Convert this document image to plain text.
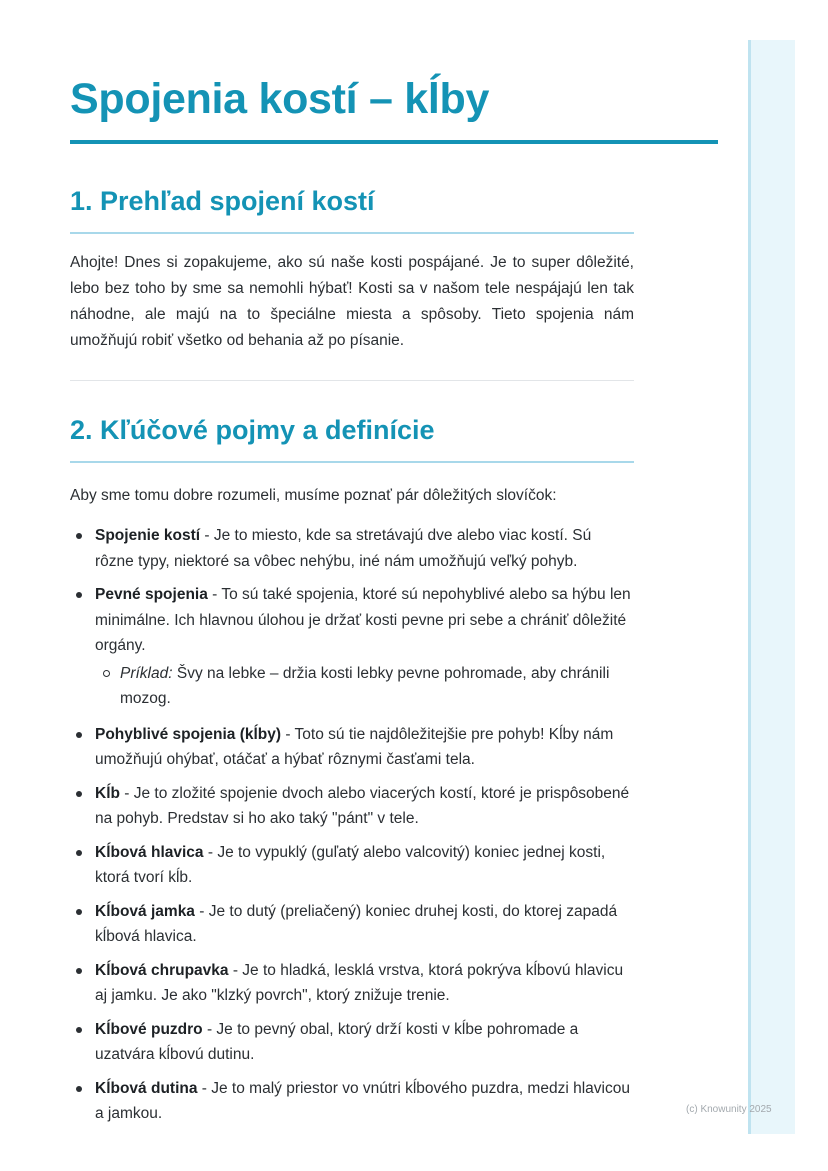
Spojenia kostí – kĺby
1. Prehľad spojení kostí

Ahojte! Dnes si zopakujeme, ako sú naše kosti pospájané. Je to super dôležité, lebo bez toho by sme sa nemohli hýbať! Kosti sa v našom tele nespájajú len tak náhodne, ale majú na to špeciálne miesta a spôsoby. Tieto spojenia nám umožňujú robiť všetko od behania až po písanie.

2. Kľúčové pojmy a definície

Aby sme tomu dobre rozumeli, musíme poznať pár dôležitých slovíčok:

Spojenie kostí - Je to miesto, kde sa stretávajú dve alebo viac kostí. Sú rôzne typy, niektoré sa vôbec nehýbu, iné nám umožňujú veľký pohyb.
Pevné spojenia - To sú také spojenia, ktoré sú nepohyblivé alebo sa hýbu len minimálne. Ich hlavnou úlohou je držať kosti pevne pri sebe a chrániť dôležité orgány.
Príklad: Švy na lebke – držia kosti lebky pevne pohromade, aby chránili mozog.
Pohyblivé spojenia (kĺby) - Toto sú tie najdôležitejšie pre pohyb! Kĺby nám umožňujú ohýbať, otáčať a hýbať rôznymi časťami tela.
Kĺb - Je to zložité spojenie dvoch alebo viacerých kostí, ktoré je prispôsobené na pohyb. Predstav si ho ako taký "pánt" v tele.
Kĺbová hlavica - Je to vypuklý (guľatý alebo valcovitý) koniec jednej kosti, ktorá tvorí kĺb.
Kĺbová jamka - Je to dutý (preliačený) koniec druhej kosti, do ktorej zapadá kĺbová hlavica.
Kĺbová chrupavka - Je to hladká, lesklá vrstva, ktorá pokrýva kĺbovú hlavicu aj jamku. Je ako "klzký povrch", ktorý znižuje trenie.
Kĺbové puzdro - Je to pevný obal, ktorý drží kosti v kĺbe pohromade a uzatvára kĺbovú dutinu.
Kĺbová dutina - Je to malý priestor vo vnútri kĺbového puzdra, medzi hlavicou a jamkou.	(c) Knowunity 2025
